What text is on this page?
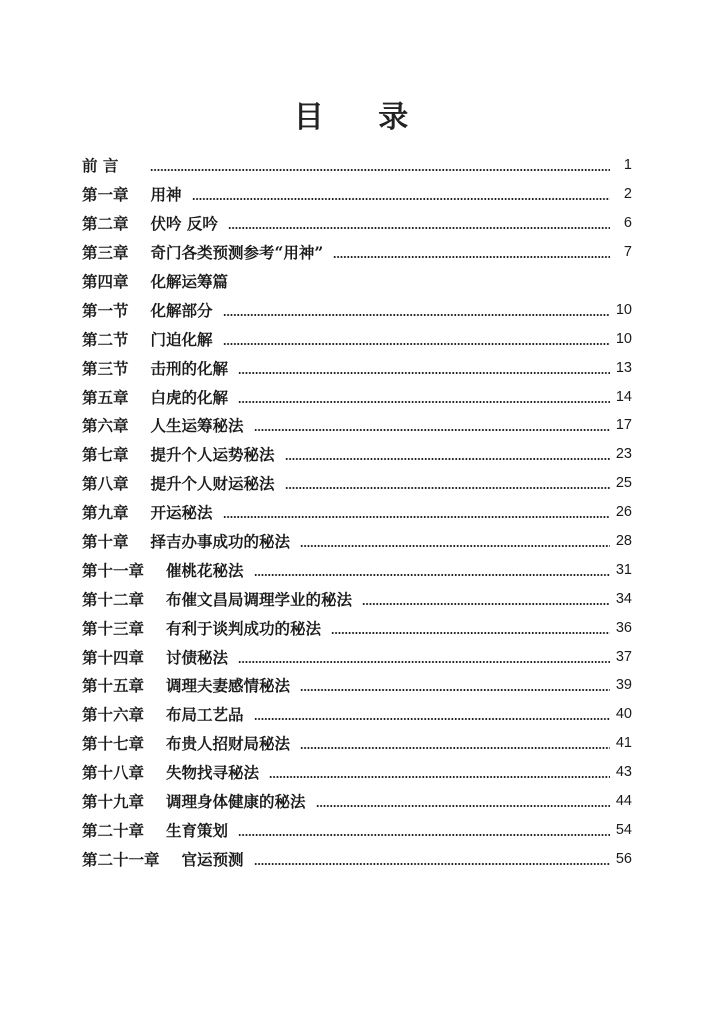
目 录
前 言	1
第一章 用神	2
第二章 伏吟 反吟	6
第三章 奇门各类预测参考“用神”	7
第四章 化解运筹篇
第一节 化解部分	10
第二节 门迫化解	10
第三节 击刑的化解	13
第五章 白虎的化解	14
第六章 人生运筹秘法	17
第七章 提升个人运势秘法	23
第八章 提升个人财运秘法	25
第九章 开运秘法	26
第十章 择吉办事成功的秘法	28
第十一章 催桃花秘法	31
第十二章 布催文昌局调理学业的秘法	34
第十三章 有利于谈判成功的秘法	36
第十四章 讨债秘法	37
第十五章 调理夫妻感情秘法	39
第十六章 布局工艺品	40
第十七章 布贵人招财局秘法	41
第十八章 失物找寻秘法	43
第十九章 调理身体健康的秘法	44
第二十章 生育策划	54
第二十一章 官运预测	56
